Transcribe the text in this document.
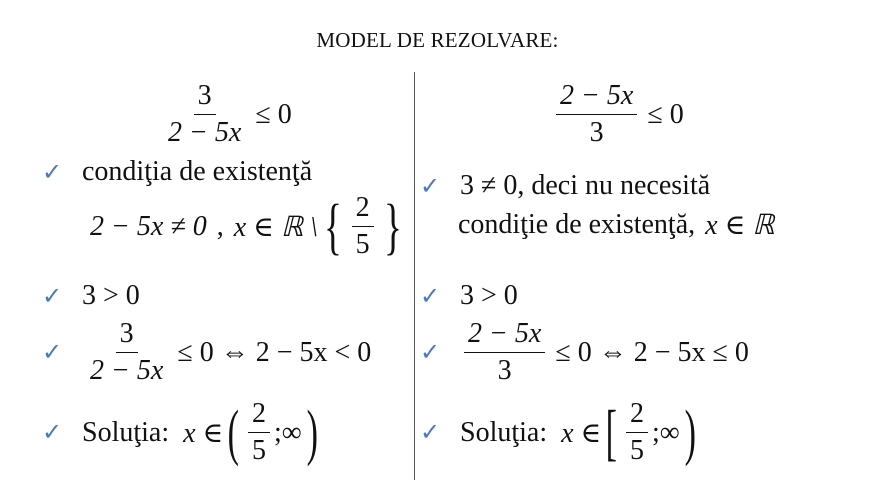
MODEL DE REZOLVARE:
$\frac{3}{2 - 5x} \le 0$
✓ condiţia de existenţă
2 − 5x ≠ 0 , x ∈ ℝ \ { $\frac{2}{5}$ }
✓ 3 > 0
✓ $\frac{3}{2 - 5x} \le 0$ ⇔ 2 − 5x < 0
✓ Soluţia: x ∈ ( $\frac{2}{5}$ ;∞ )
$\frac{2 - 5x}{3} \le 0$
✓ 3 ≠ 0, deci nu necesită
condiţie de existenţă, x ∈ ℝ
✓ 3 > 0
✓ $\frac{2 - 5x}{3} \le 0$ ⇔ 2 − 5x ≤ 0
✓ Soluţia: x ∈ [ $\frac{2}{5}$ ;∞ )
